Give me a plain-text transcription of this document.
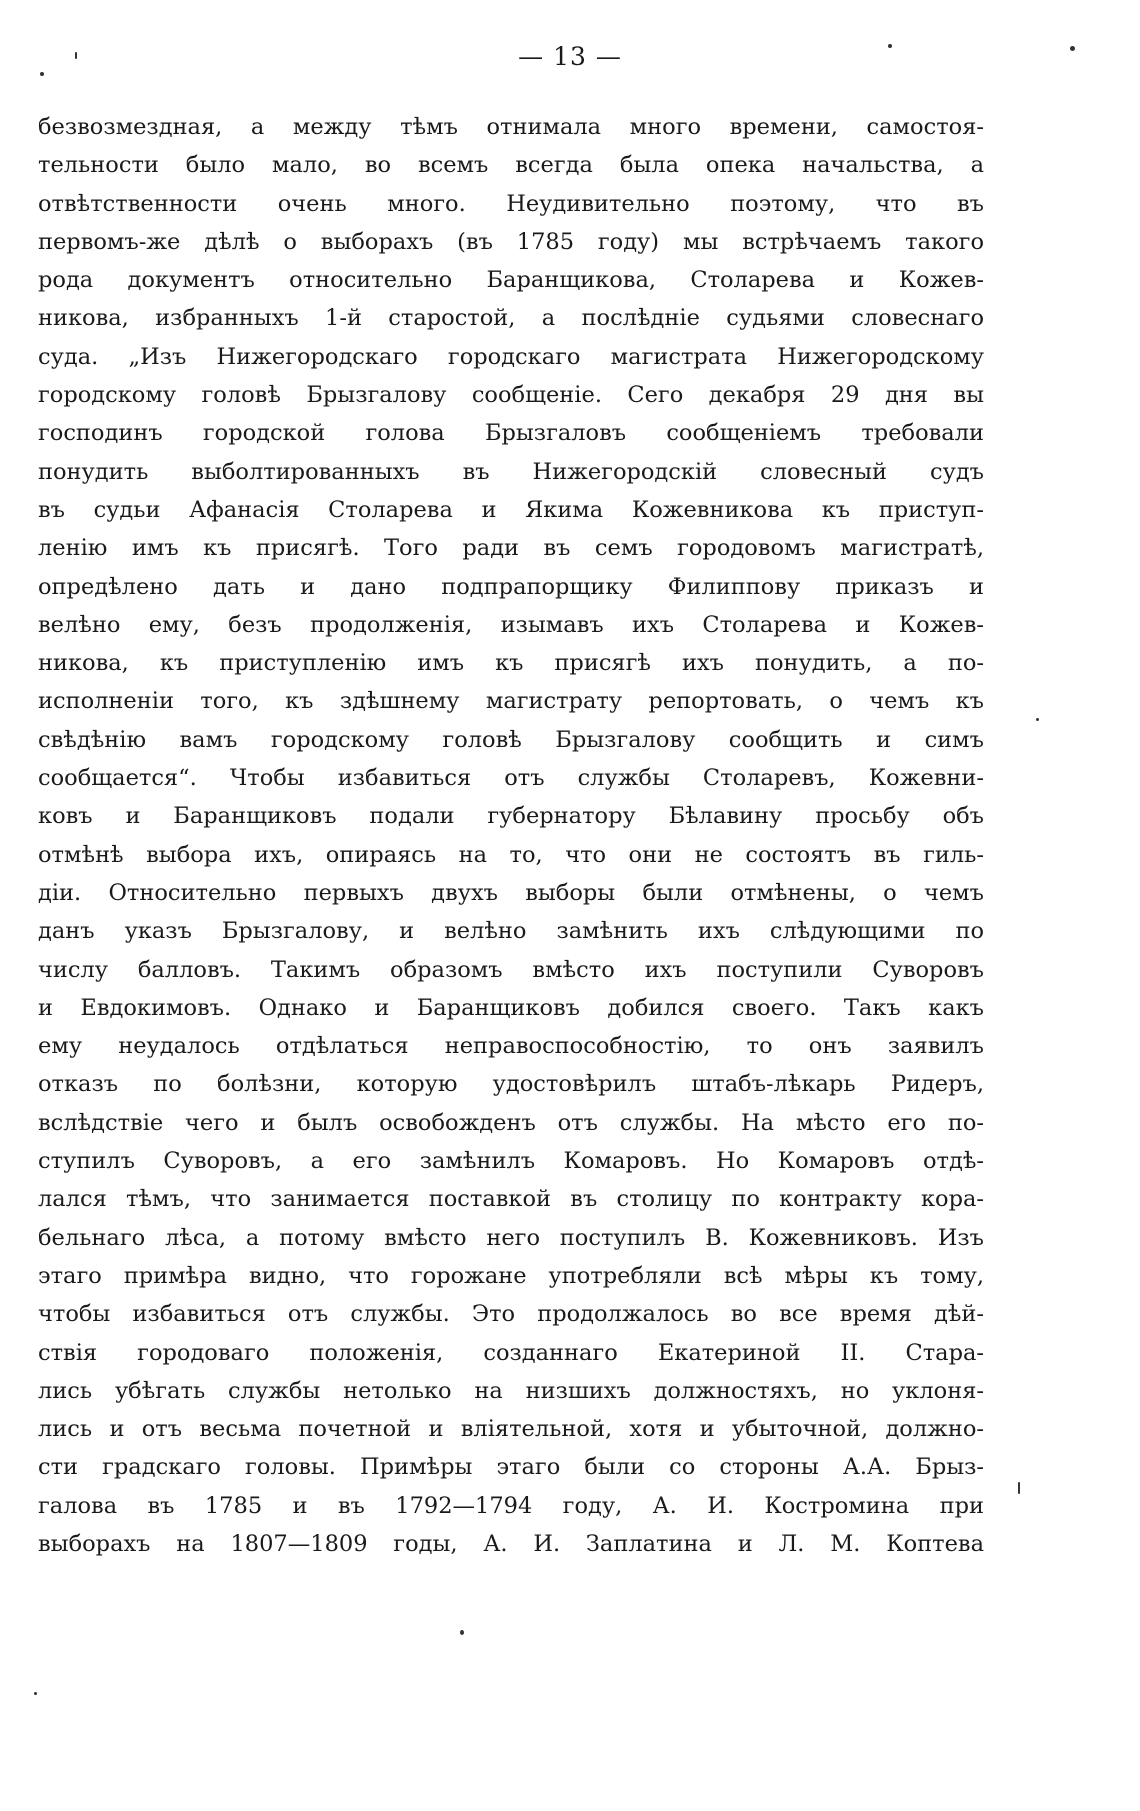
— 13 —
безвозмездная, а между тѣмъ отнимала много времени, самостоя-
тельности было мало, во всемъ всегда была опека начальства, а
отвѣтственности очень много. Неудивительно поэтому, что въ
первомъ-же дѣлѣ о выборахъ (въ 1785 году) мы встрѣчаемъ такого
рода документъ относительно Баранщикова, Столарева и Кожев-
никова, избранныхъ 1-й старостой, а послѣдніе судьями словеснаго
суда. „Изъ Нижегородскаго городскаго магистрата Нижегородскому
городскому головѣ Брызгалову сообщеніе. Сего декабря 29 дня вы
господинъ городской голова Брызгаловъ сообщеніемъ требовали
понудить выболтированныхъ въ Нижегородскій словесный судъ
въ судьи Афанасія Столарева и Якима Кожевникова къ приступ-
ленію имъ къ присягѣ. Того ради въ семъ городовомъ магистратѣ,
опредѣлено дать и дано подпрапорщику Филиппову приказъ и
велѣно ему, безъ продолженія, изымавъ ихъ Столарева и Кожев-
никова, къ приступленію имъ къ присягѣ ихъ понудить, а по-
исполненіи того, къ здѣшнему магистрату репортовать, о чемъ къ
свѣдѣнію вамъ городскому головѣ Брызгалову сообщить и симъ
сообщается“. Чтобы избавиться отъ службы Столаревъ, Кожевни-
ковъ и Баранщиковъ подали губернатору Бѣлавину просьбу объ
отмѣнѣ выбора ихъ, опираясь на то, что они не состоятъ въ гиль-
діи. Относительно первыхъ двухъ выборы были отмѣнены, о чемъ
данъ указъ Брызгалову, и велѣно замѣнить ихъ слѣдующими по
числу балловъ. Такимъ образомъ вмѣсто ихъ поступили Суворовъ
и Евдокимовъ. Однако и Баранщиковъ добился своего. Такъ какъ
ему неудалось отдѣлаться неправоспособностію, то онъ заявилъ
отказъ по болѣзни, которую удостовѣрилъ штабъ-лѣкарь Ридеръ,
вслѣдствіе чего и былъ освобожденъ отъ службы. На мѣсто его по-
ступилъ Суворовъ, а его замѣнилъ Комаровъ. Но Комаровъ отдѣ-
лался тѣмъ, что занимается поставкой въ столицу по контракту кора-
бельнаго лѣса, а потому вмѣсто него поступилъ В. Кожевниковъ. Изъ
этаго примѣра видно, что горожане употребляли всѣ мѣры къ тому,
чтобы избавиться отъ службы. Это продолжалось во все время дѣй-
ствія городоваго положенія, созданнаго Екатериной II. Стара-
лись убѣгать службы нетолько на низшихъ должностяхъ, но уклоня-
лись и отъ весьма почетной и вліятельной, хотя и убыточной, должно-
сти градскаго головы. Примѣры этаго были со стороны А.А. Брыз-
галова въ 1785 и въ 1792—1794 году, А. И. Костромина при
выборахъ на 1807—1809 годы, А. И. Заплатина и Л. М. Коптева
